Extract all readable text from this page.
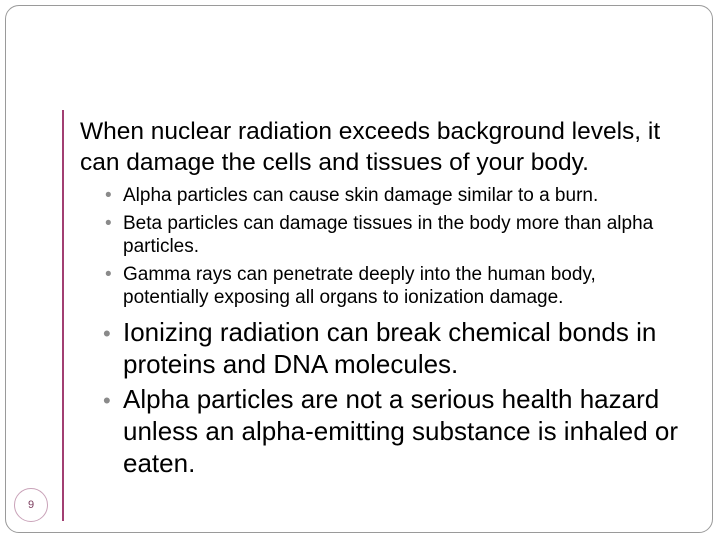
9

When nuclear radiation exceeds background levels, it can damage the cells and tissues of your body.

• Alpha particles can cause skin damage similar to a burn.
• Beta particles can damage tissues in the body more than alpha particles.
• Gamma rays can penetrate deeply into the human body, potentially exposing all organs to ionization damage.
• Ionizing radiation can break chemical bonds in proteins and DNA molecules.
• Alpha particles are not a serious health hazard unless an alpha-emitting substance is inhaled or eaten.
